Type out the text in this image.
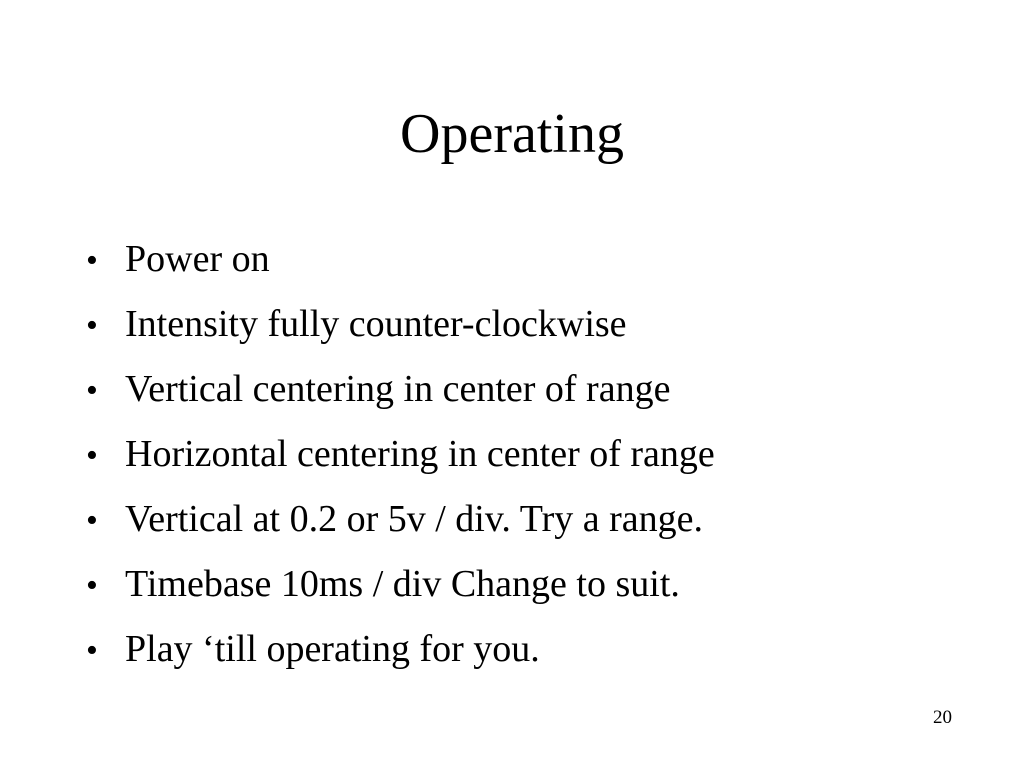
Operating
• Power on
• Intensity fully counter-clockwise
• Vertical centering in center of range
• Horizontal centering in center of range
• Vertical at 0.2 or 5v / div. Try a range.
• Timebase 10ms / div Change to suit.
• Play ‘till operating for you.
20
